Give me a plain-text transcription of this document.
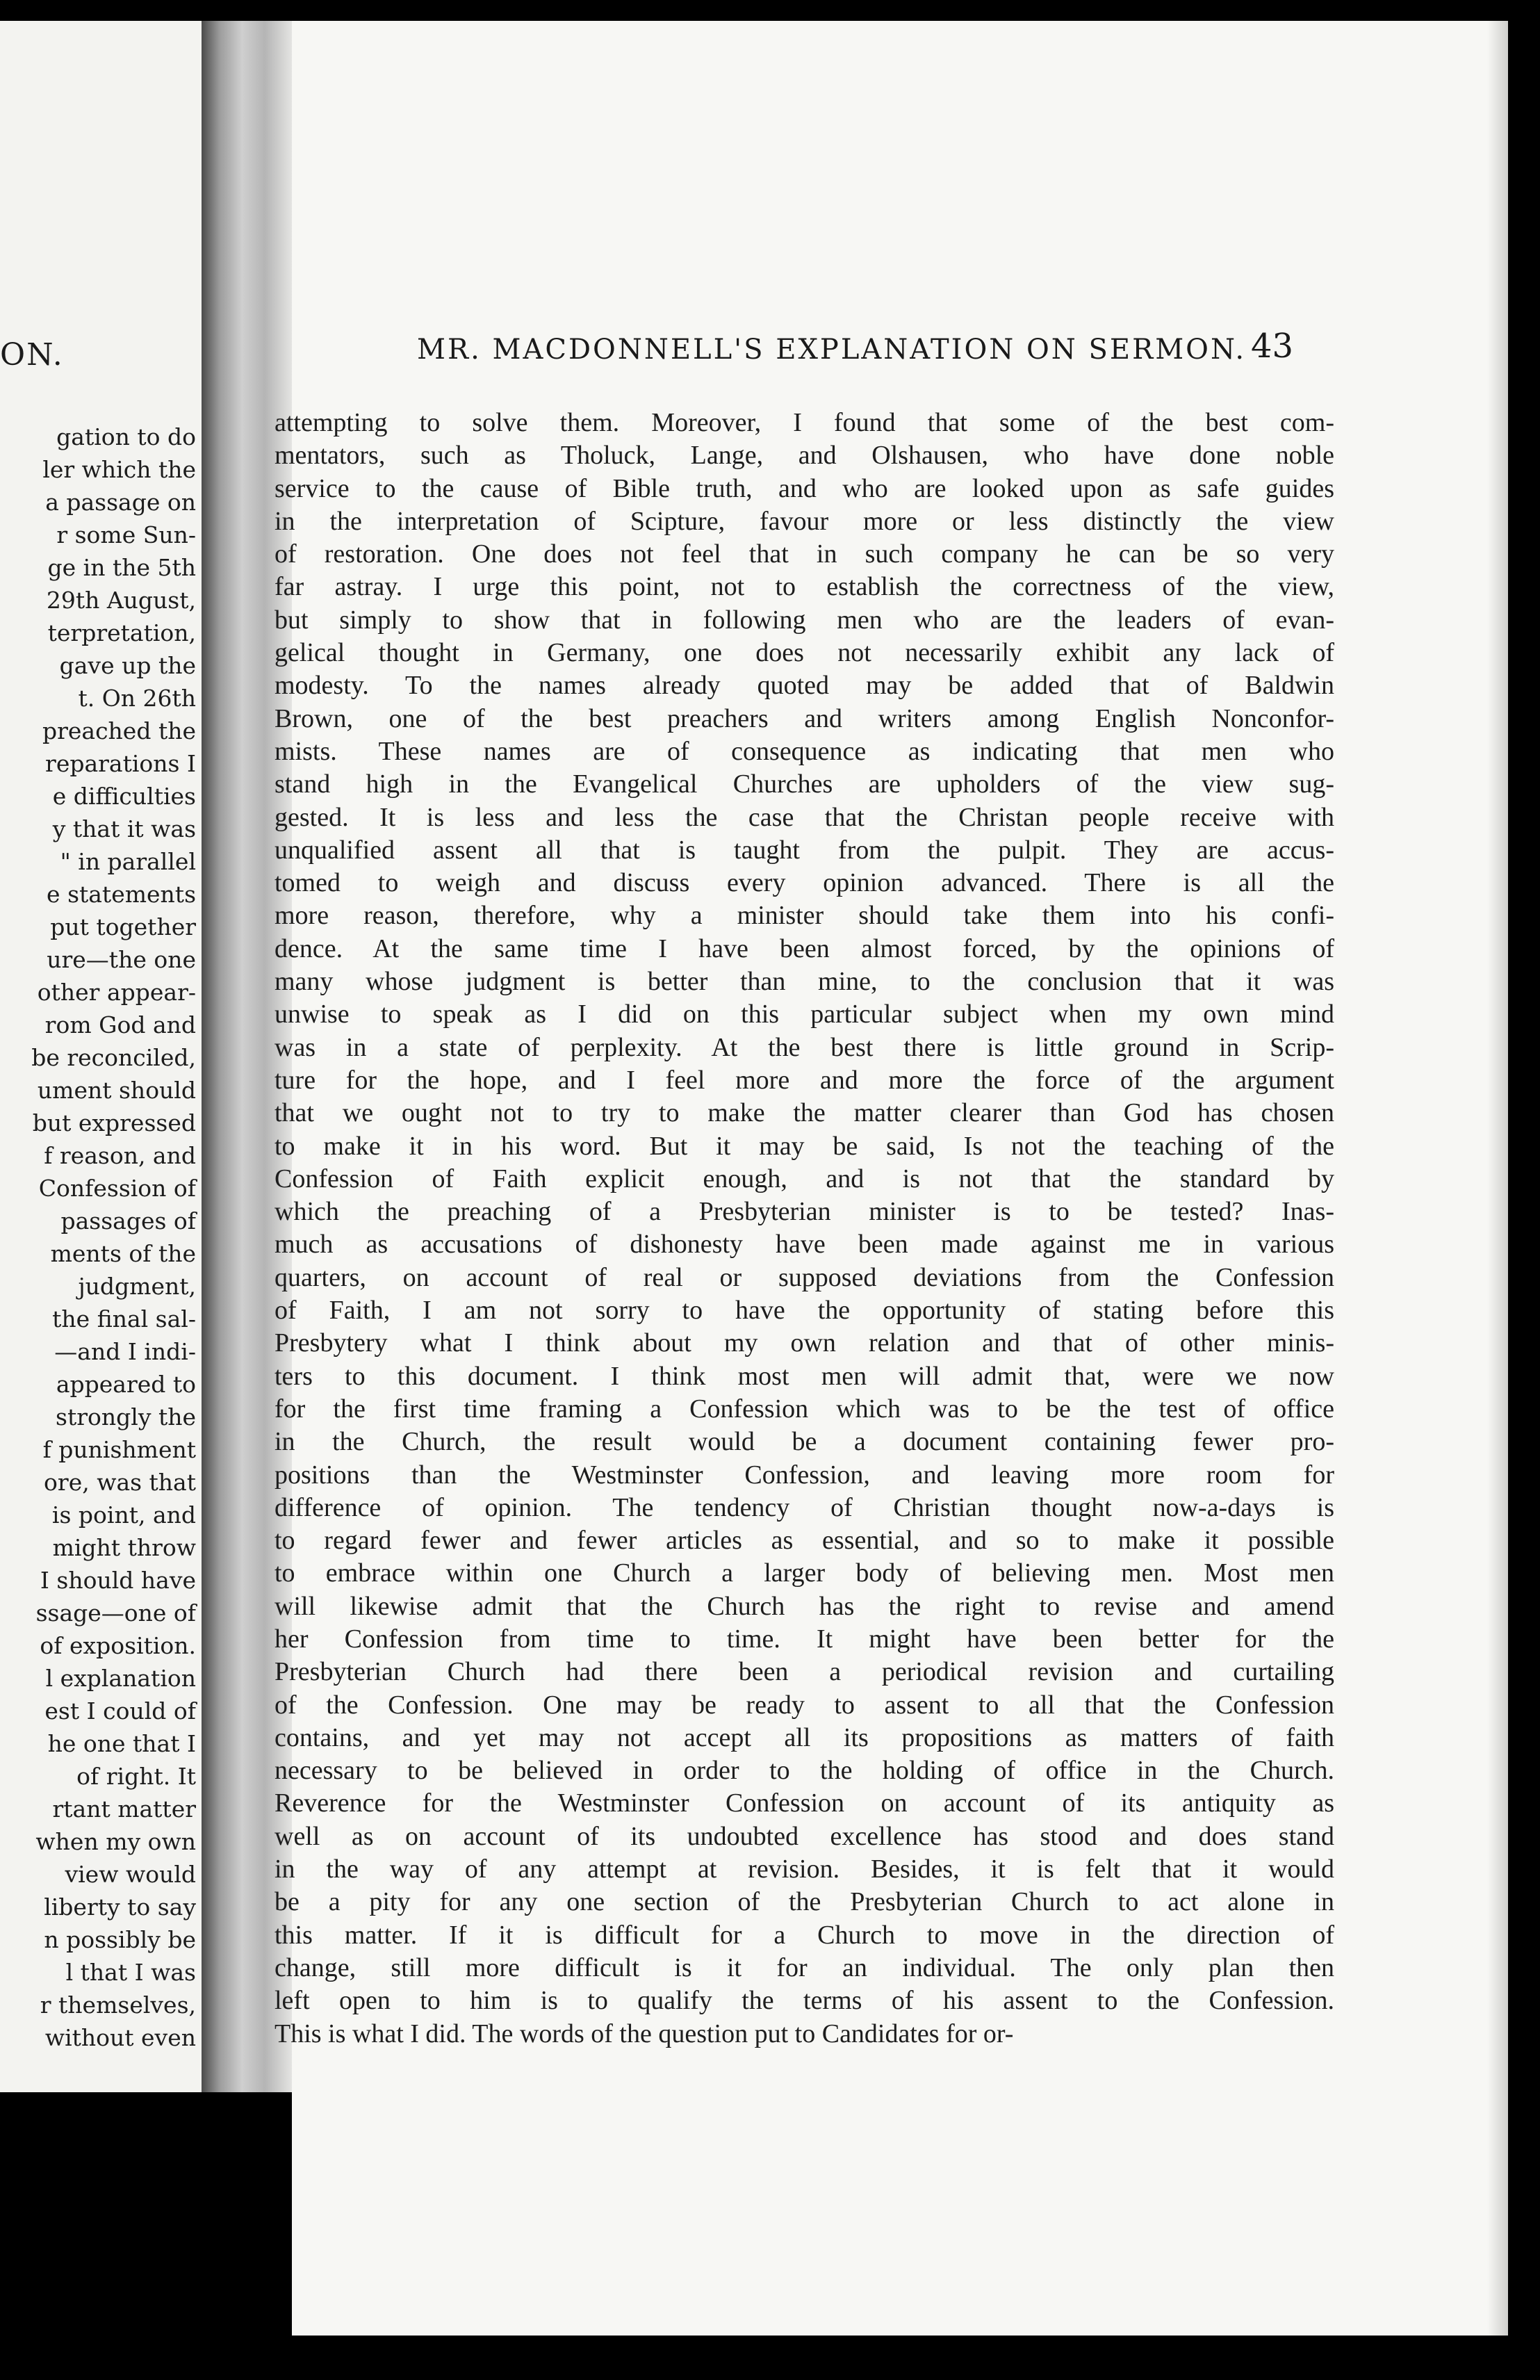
ON.
gation to do
ler which the
a passage on
r some Sun-
ge in the 5th
29th August,
terpretation,
gave up the
t. On 26th
preached the
reparations I
e difficulties
y that it was
" in parallel
e statements
put together
ure—the one
other appear-
rom God and
be reconciled,
ument should
but expressed
f reason, and
Confession of
passages of
ments of the
judgment,
the final sal-
—and I indi-
appeared to
strongly the
f punishment
ore, was that
is point, and
might throw
I should have
ssage—one of
of exposition.
l explanation
est I could of
he one that I
of right. It
rtant matter
when my own
view would
liberty to say
n possibly be
l that I was
r themselves,
without even
MR. MACDONNELL'S EXPLANATION ON SERMON. 43
attempting to solve them. Moreover, I found that some of the best com-
mentators, such as Tholuck, Lange, and Olshausen, who have done noble
service to the cause of Bible truth, and who are looked upon as safe guides
in the interpretation of Scipture, favour more or less distinctly the view
of restoration. One does not feel that in such company he can be so very
far astray. I urge this point, not to establish the correctness of the view,
but simply to show that in following men who are the leaders of evan-
gelical thought in Germany, one does not necessarily exhibit any lack of
modesty. To the names already quoted may be added that of Baldwin
Brown, one of the best preachers and writers among English Nonconfor-
mists. These names are of consequence as indicating that men who
stand high in the Evangelical Churches are upholders of the view sug-
gested. It is less and less the case that the Christan people receive with
unqualified assent all that is taught from the pulpit. They are accus-
tomed to weigh and discuss every opinion advanced. There is all the
more reason, therefore, why a minister should take them into his confi-
dence. At the same time I have been almost forced, by the opinions of
many whose judgment is better than mine, to the conclusion that it was
unwise to speak as I did on this particular subject when my own mind
was in a state of perplexity. At the best there is little ground in Scrip-
ture for the hope, and I feel more and more the force of the argument
that we ought not to try to make the matter clearer than God has chosen
to make it in his word. But it may be said, Is not the teaching of the
Confession of Faith explicit enough, and is not that the standard by
which the preaching of a Presbyterian minister is to be tested? Inas-
much as accusations of dishonesty have been made against me in various
quarters, on account of real or supposed deviations from the Confession
of Faith, I am not sorry to have the opportunity of stating before this
Presbytery what I think about my own relation and that of other minis-
ters to this document. I think most men will admit that, were we now
for the first time framing a Confession which was to be the test of office
in the Church, the result would be a document containing fewer pro-
positions than the Westminster Confession, and leaving more room for
difference of opinion. The tendency of Christian thought now-a-days is
to regard fewer and fewer articles as essential, and so to make it possible
to embrace within one Church a larger body of believing men. Most men
will likewise admit that the Church has the right to revise and amend
her Confession from time to time. It might have been better for the
Presbyterian Church had there been a periodical revision and curtailing
of the Confession. One may be ready to assent to all that the Confession
contains, and yet may not accept all its propositions as matters of faith
necessary to be believed in order to the holding of office in the Church.
Reverence for the Westminster Confession on account of its antiquity as
well as on account of its undoubted excellence has stood and does stand
in the way of any attempt at revision. Besides, it is felt that it would
be a pity for any one section of the Presbyterian Church to act alone in
this matter. If it is difficult for a Church to move in the direction of
change, still more difficult is it for an individual. The only plan then
left open to him is to qualify the terms of his assent to the Confession.
This is what I did. The words of the question put to Candidates for or-
